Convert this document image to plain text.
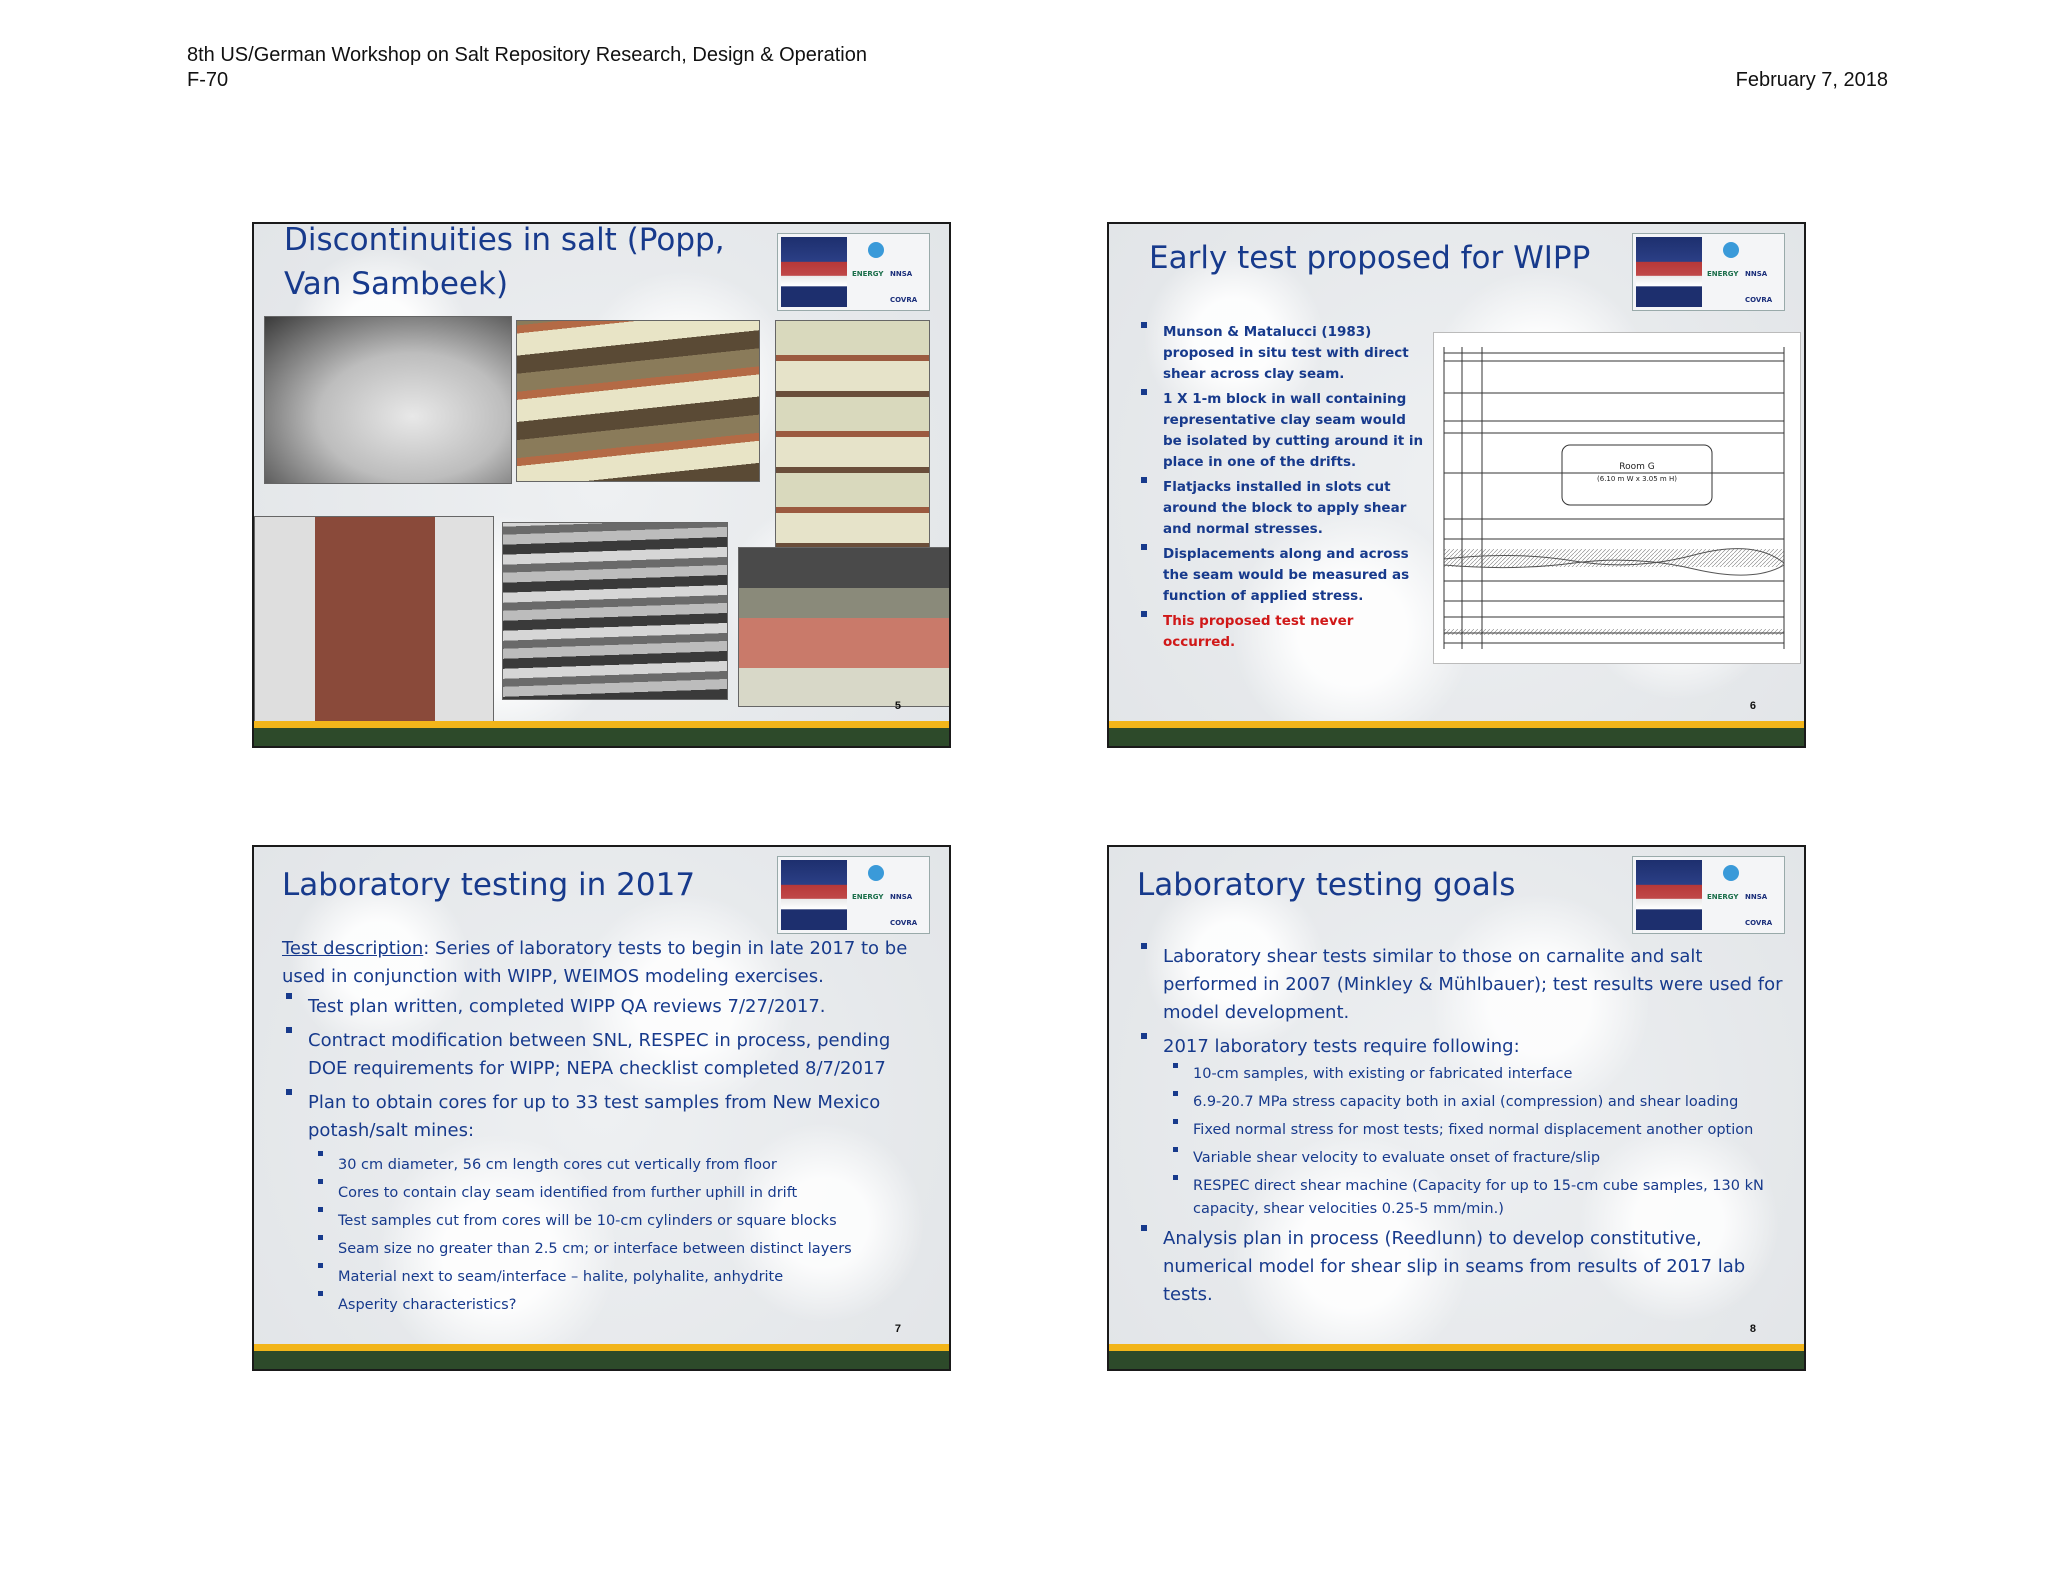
8th US/German Workshop on Salt Repository Research, Design & Operation
F-70	February 7, 2018
Discontinuities in salt (Popp,
Van Sambeek)	ENERGY NNSA
COVRA
5
Early test proposed for WIPP	ENERGY NNSA
COVRA
Munson & Matalucci (1983) proposed in situ test with direct shear across clay seam.
1 X 1-m block in wall containing representative clay seam would be isolated by cutting around it in place in one of the drifts.
Flatjacks installed in slots cut around the block to apply shear and normal stresses.
Displacements along and across the seam would be measured as function of applied stress.
This proposed test never occurred.
Room G
(6.10 m W x 3.05 m H)
6
Laboratory testing in 2017	ENERGY NNSA
COVRA
Test description: Series of laboratory tests to begin in late 2017 to be used in conjunction with WIPP, WEIMOS modeling exercises.
Test plan written, completed WIPP QA reviews 7/27/2017.
Contract modification between SNL, RESPEC in process, pending DOE requirements for WIPP; NEPA checklist completed 8/7/2017
Plan to obtain cores for up to 33 test samples from New Mexico potash/salt mines:
30 cm diameter, 56 cm length cores cut vertically from floor
Cores to contain clay seam identified from further uphill in drift
Test samples cut from cores will be 10-cm cylinders or square blocks
Seam size no greater than 2.5 cm; or interface between distinct layers
Material next to seam/interface – halite, polyhalite, anhydrite
Asperity characteristics?
7
Laboratory testing goals	ENERGY NNSA
COVRA
Laboratory shear tests similar to those on carnalite and salt performed in 2007 (Minkley & Mühlbauer); test results were used for model development.
2017 laboratory tests require following:
10-cm samples, with existing or fabricated interface
6.9-20.7 MPa stress capacity both in axial (compression) and shear loading
Fixed normal stress for most tests; fixed normal displacement another option
Variable shear velocity to evaluate onset of fracture/slip
RESPEC direct shear machine (Capacity for up to 15-cm cube samples, 130 kN capacity, shear velocities 0.25-5 mm/min.)
Analysis plan in process (Reedlunn) to develop constitutive, numerical model for shear slip in seams from results of 2017 lab tests.
8
